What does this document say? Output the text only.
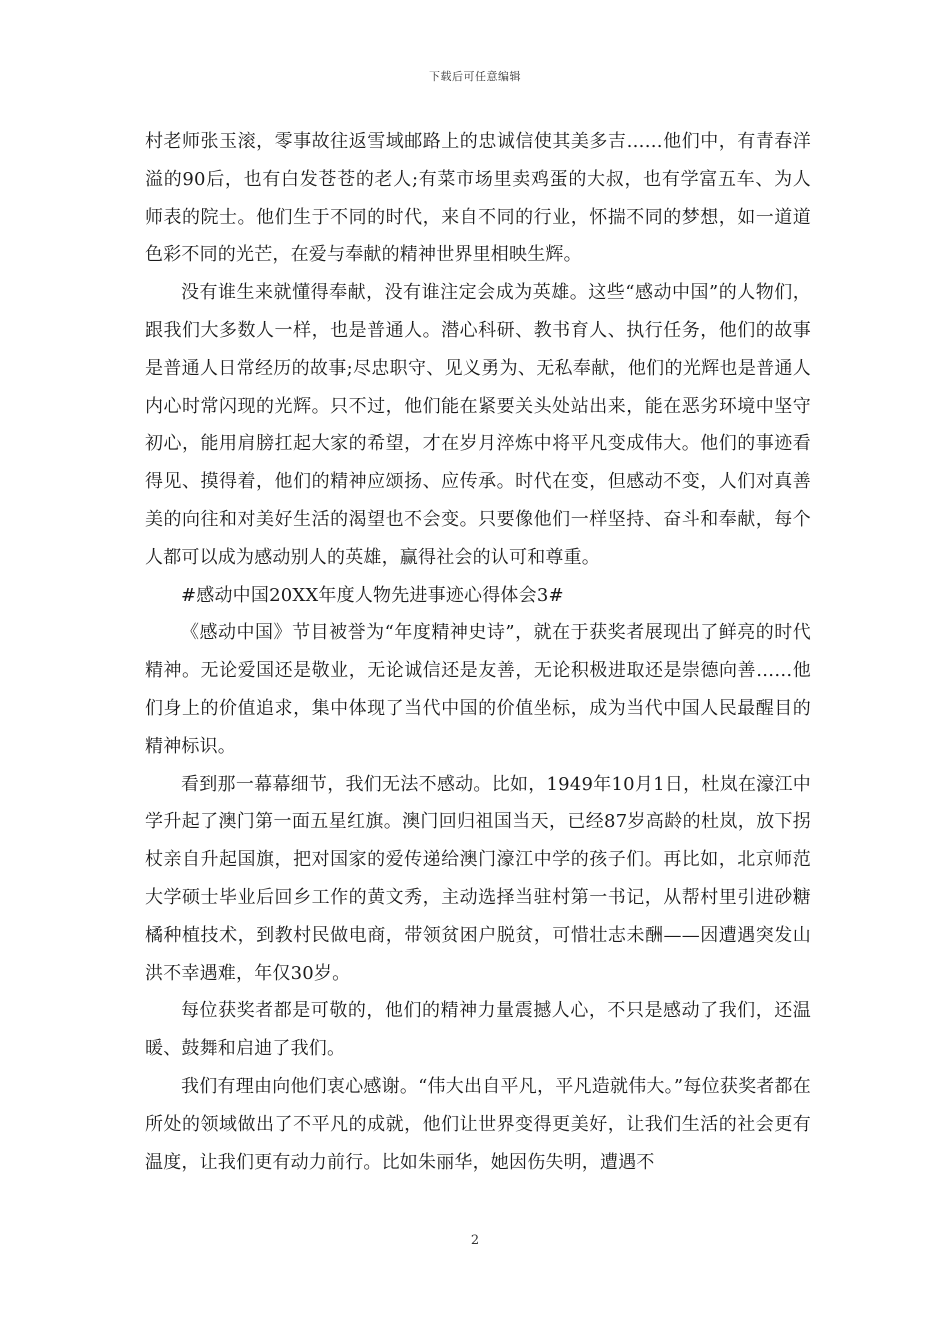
下载后可任意编辑

村老师张玉滚，零事故往返雪域邮路上的忠诚信使其美多吉……他们中，有青春洋溢的90后，也有白发苍苍的老人;有菜市场里卖鸡蛋的大叔，也有学富五车、为人师表的院士。他们生于不同的时代，来自不同的行业，怀揣不同的梦想，如一道道色彩不同的光芒，在爱与奉献的精神世界里相映生辉。

没有谁生来就懂得奉献，没有谁注定会成为英雄。这些“感动中国”的人物们，跟我们大多数人一样，也是普通人。潜心科研、教书育人、执行任务，他们的故事是普通人日常经历的故事;尽忠职守、见义勇为、无私奉献，他们的光辉也是普通人内心时常闪现的光辉。只不过，他们能在紧要关头处站出来，能在恶劣环境中坚守初心，能用肩膀扛起大家的希望，才在岁月淬炼中将平凡变成伟大。他们的事迹看得见、摸得着，他们的精神应颂扬、应传承。时代在变，但感动不变，人们对真善美的向往和对美好生活的渴望也不会变。只要像他们一样坚持、奋斗和奉献，每个人都可以成为感动别人的英雄，赢得社会的认可和尊重。

#感动中国20XX年度人物先进事迹心得体会3#

《感动中国》节目被誉为“年度精神史诗”，就在于获奖者展现出了鲜亮的时代精神。无论爱国还是敬业，无论诚信还是友善，无论积极进取还是崇德向善……他们身上的价值追求，集中体现了当代中国的价值坐标，成为当代中国人民最醒目的精神标识。

看到那一幕幕细节，我们无法不感动。比如，1949年10月1日，杜岚在濠江中学升起了澳门第一面五星红旗。澳门回归祖国当天，已经87岁高龄的杜岚，放下拐杖亲自升起国旗，把对国家的爱传递给澳门濠江中学的孩子们。再比如，北京师范大学硕士毕业后回乡工作的黄文秀，主动选择当驻村第一书记，从帮村里引进砂糖橘种植技术，到教村民做电商，带领贫困户脱贫，可惜壮志未酬——因遭遇突发山洪不幸遇难，年仅30岁。

每位获奖者都是可敬的，他们的精神力量震撼人心，不只是感动了我们，还温暖、鼓舞和启迪了我们。

我们有理由向他们衷心感谢。“伟大出自平凡，平凡造就伟大。”每位获奖者都在所处的领域做出了不平凡的成就，他们让世界变得更美好，让我们生活的社会更有温度，让我们更有动力前行。比如朱丽华，她因伤失明，遭遇不

2
